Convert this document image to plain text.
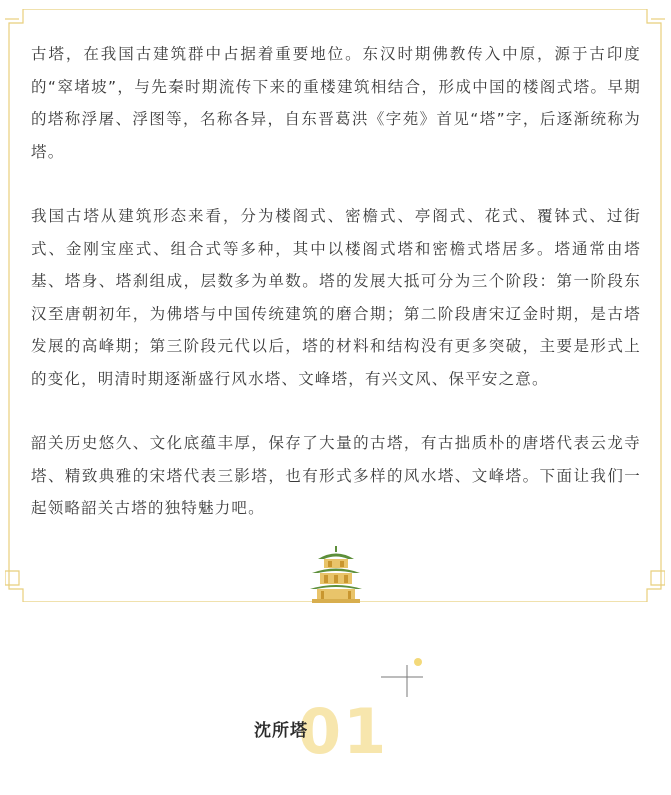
古塔，在我国古建筑群中占据着重要地位。东汉时期佛教传入中原，源于古印度的“窣堵坡”，与先秦时期流传下来的重楼建筑相结合，形成中国的楼阁式塔。早期的塔称浮屠、浮图等，名称各异，自东晋葛洪《字苑》首见“塔”字，后逐渐统称为塔。

我国古塔从建筑形态来看，分为楼阁式、密檐式、亭阁式、花式、覆钵式、过街式、金刚宝座式、组合式等多种，其中以楼阁式塔和密檐式塔居多。塔通常由塔基、塔身、塔刹组成，层数多为单数。塔的发展大抵可分为三个阶段：第一阶段东汉至唐朝初年，为佛塔与中国传统建筑的磨合期；第二阶段唐宋辽金时期，是古塔发展的高峰期；第三阶段元代以后，塔的材料和结构没有更多突破，主要是形式上的变化，明清时期逐渐盛行风水塔、文峰塔，有兴文风、保平安之意。

韶关历史悠久、文化底蕴丰厚，保存了大量的古塔，有古拙质朴的唐塔代表云龙寺塔、精致典雅的宋塔代表三影塔，也有形式多样的风水塔、文峰塔。下面让我们一起领略韶关古塔的独特魅力吧。

01
沈所塔
